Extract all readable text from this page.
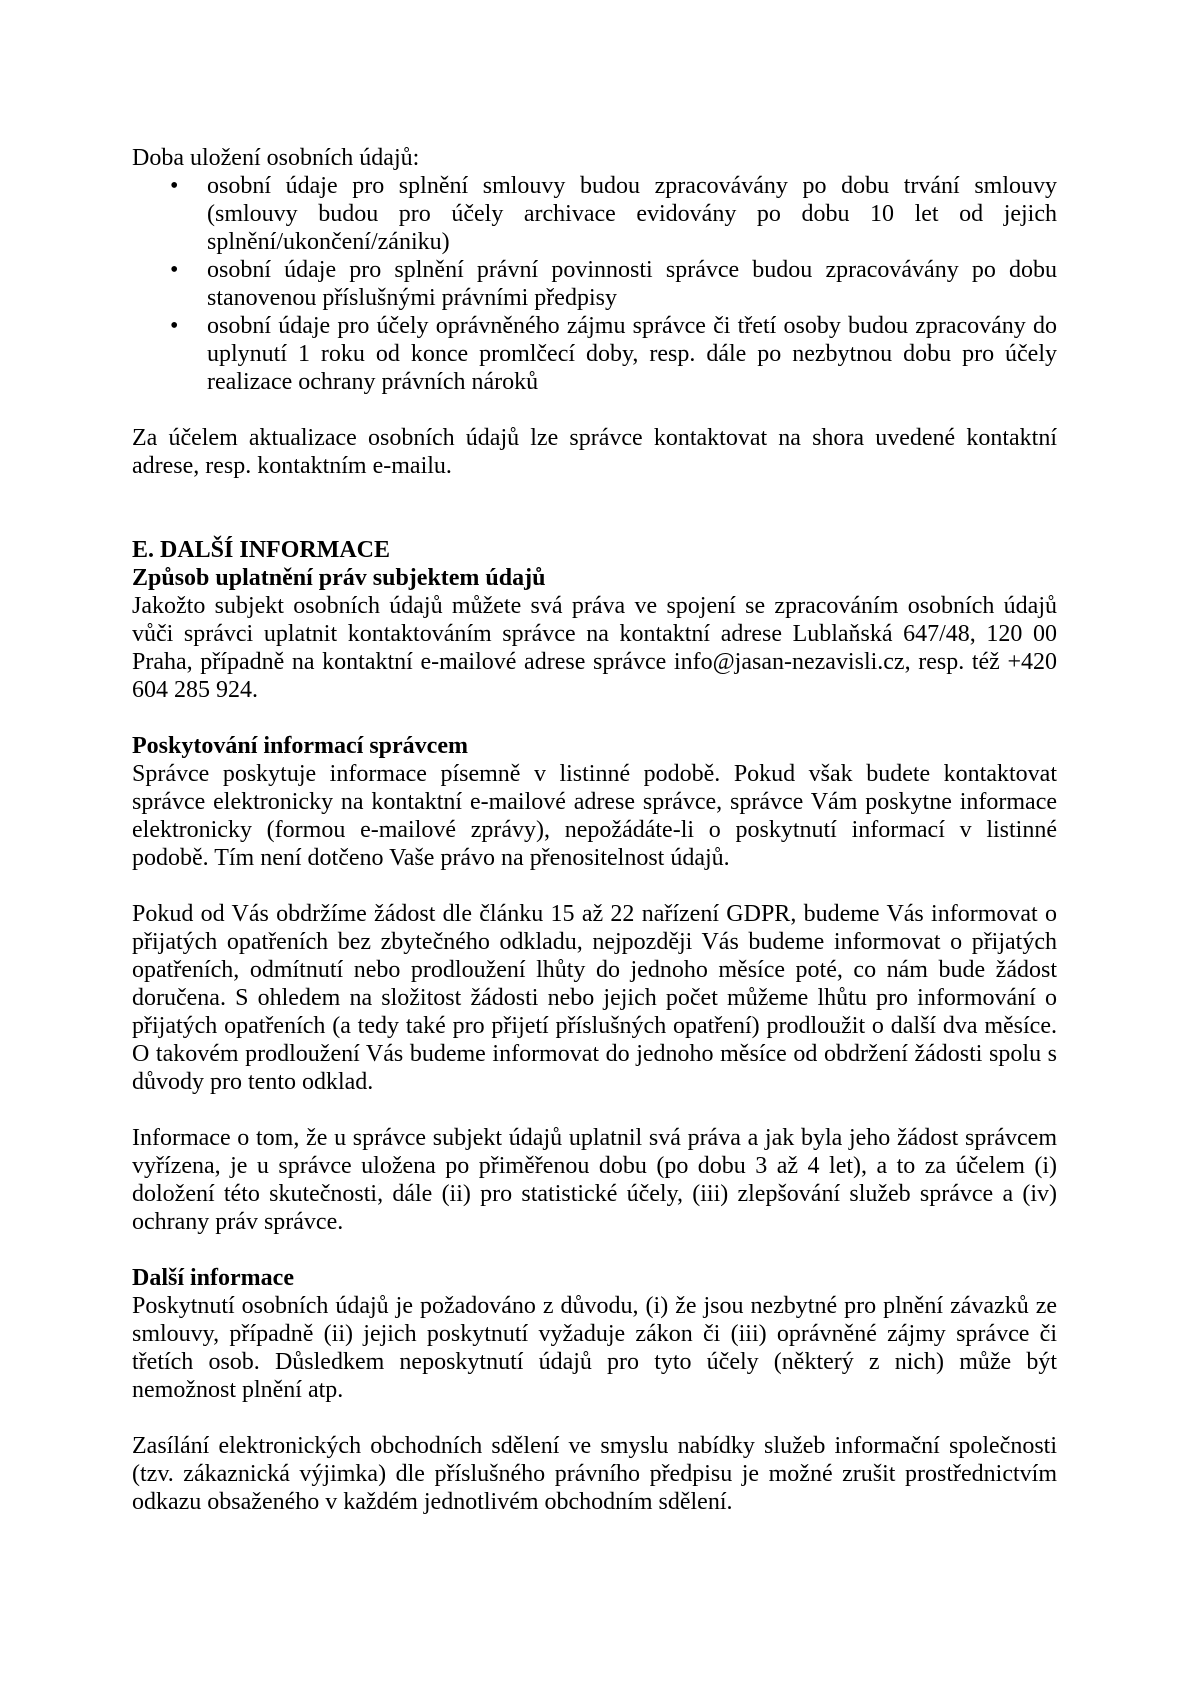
Doba uložení osobních údajů:

• osobní údaje pro splnění smlouvy budou zpracovávány po dobu trvání smlouvy (smlouvy budou pro účely archivace evidovány po dobu 10 let od jejich splnění/ukončení/zániku)
• osobní údaje pro splnění právní povinnosti správce budou zpracovávány po dobu stanovenou příslušnými právními předpisy
• osobní údaje pro účely oprávněného zájmu správce či třetí osoby budou zpracovány do uplynutí 1 roku od konce promlčecí doby, resp. dále po nezbytnou dobu pro účely realizace ochrany právních nároků

Za účelem aktualizace osobních údajů lze správce kontaktovat na shora uvedené kontaktní adrese, resp. kontaktním e-mailu.

E. DALŠÍ INFORMACE

Způsob uplatnění práv subjektem údajů

Jakožto subjekt osobních údajů můžete svá práva ve spojení se zpracováním osobních údajů vůči správci uplatnit kontaktováním správce na kontaktní adrese Lublaňská 647/48, 120 00 Praha, případně na kontaktní e-mailové adrese správce info@jasan-nezavisli.cz, resp. též +420 604 285 924.

Poskytování informací správcem

Správce poskytuje informace písemně v listinné podobě. Pokud však budete kontaktovat správce elektronicky na kontaktní e-mailové adrese správce, správce Vám poskytne informace elektronicky (formou e-mailové zprávy), nepožádáte-li o poskytnutí informací v listinné podobě. Tím není dotčeno Vaše právo na přenositelnost údajů.

Pokud od Vás obdržíme žádost dle článku 15 až 22 nařízení GDPR, budeme Vás informovat o přijatých opatřeních bez zbytečného odkladu, nejpozději Vás budeme informovat o přijatých opatřeních, odmítnutí nebo prodloužení lhůty do jednoho měsíce poté, co nám bude žádost doručena. S ohledem na složitost žádosti nebo jejich počet můžeme lhůtu pro informování o přijatých opatřeních (a tedy také pro přijetí příslušných opatření) prodloužit o další dva měsíce. O takovém prodloužení Vás budeme informovat do jednoho měsíce od obdržení žádosti spolu s důvody pro tento odklad.

Informace o tom, že u správce subjekt údajů uplatnil svá práva a jak byla jeho žádost správcem vyřízena, je u správce uložena po přiměřenou dobu (po dobu 3 až 4 let), a to za účelem (i) doložení této skutečnosti, dále (ii) pro statistické účely, (iii) zlepšování služeb správce a (iv) ochrany práv správce.

Další informace

Poskytnutí osobních údajů je požadováno z důvodu, (i) že jsou nezbytné pro plnění závazků ze smlouvy, případně (ii) jejich poskytnutí vyžaduje zákon či (iii) oprávněné zájmy správce či třetích osob. Důsledkem neposkytnutí údajů pro tyto účely (některý z nich) může být nemožnost plnění atp.

Zasílání elektronických obchodních sdělení ve smyslu nabídky služeb informační společnosti (tzv. zákaznická výjimka) dle příslušného právního předpisu je možné zrušit prostřednictvím odkazu obsaženého v každém jednotlivém obchodním sdělení.
